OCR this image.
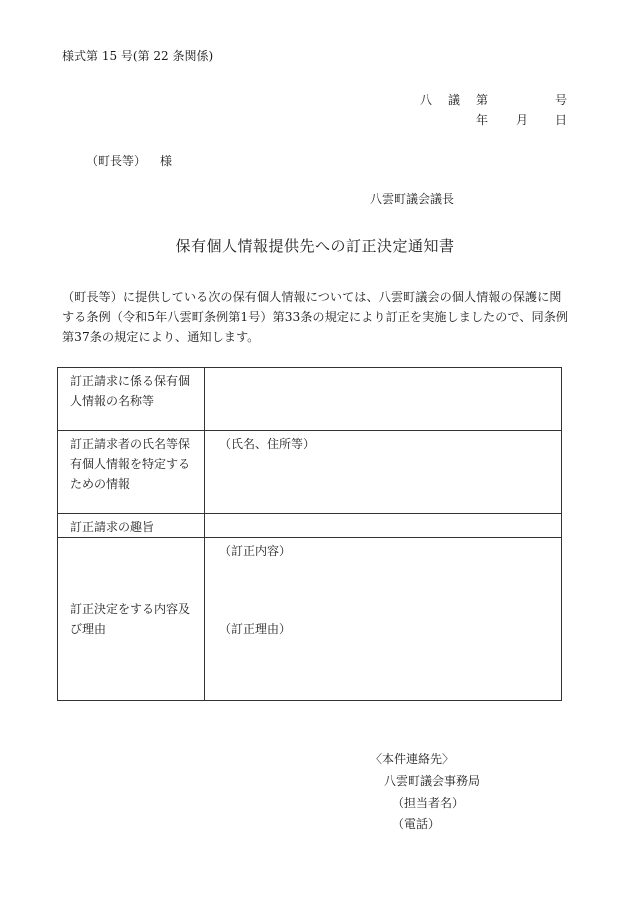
様式第 15 号(第 22 条関係)
八 議 第	号
年 月 日
（町長等） 様
八雲町議会議長
保有個人情報提供先への訂正決定通知書
（町長等）に提供している次の保有個人情報については、八雲町議会の個人情報の保護に関する条例（令和5年八雲町条例第1号）第33条の規定により訂正を実施しましたので、同条例第37条の規定により、通知します。
訂正請求に係る保有個人情報の名称等	
訂正請求者の氏名等保有個人情報を特定するための情報	（氏名、住所等）
訂正請求の趣旨	
訂正決定をする内容及び理由	（訂正内容）
（訂正理由）
〈本件連絡先〉
八雲町議会事務局
（担当者名）
（電話）
